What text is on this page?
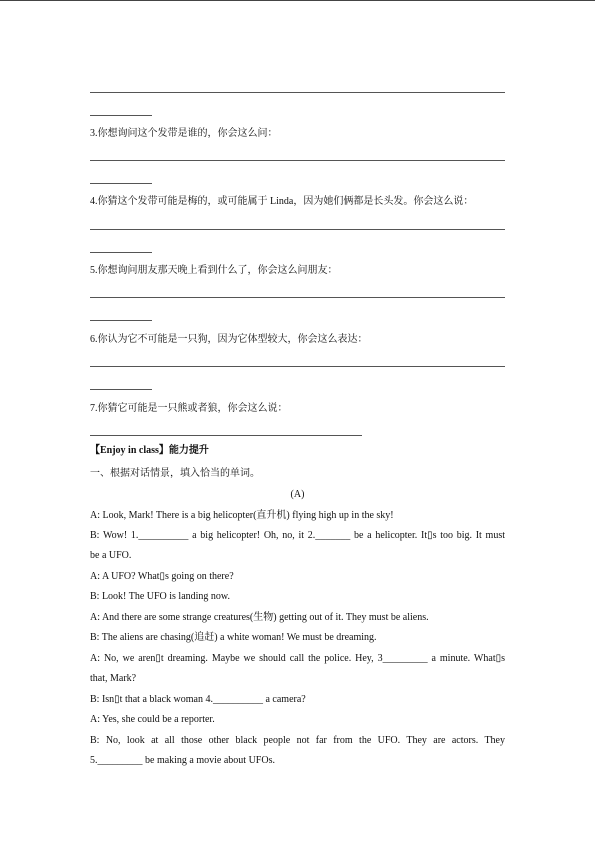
3.你想询问这个发带是谁的，你会这么问：
4.你猜这个发带可能是梅的，或可能属于 Linda，因为她们俩都是长头发。你会这么说：
5.你想询问朋友那天晚上看到什么了，你会这么问朋友：
6.你认为它不可能是一只狗，因为它体型较大，你会这么表达：
7.你猜它可能是一只熊或者狼，你会这么说：
【Enjoy in class】能力提升
一、根据对话情景，填入恰当的单词。
(A)
A: Look, Mark! There is a big helicopter(直升机) flying high up in the sky!
B: Wow! 1.__________ a big helicopter! Oh, no, it 2._______ be a helicopter. It▯s too big. It must
be a UFO.
A: A UFO? What▯s going on there?
B: Look! The UFO is landing now.
A: And there are some strange creatures(生物) getting out of it. They must be aliens.
B: The aliens are chasing(追赶) a white woman! We must be dreaming.
A: No, we aren▯t dreaming. Maybe we should call the police. Hey, 3_________ a minute. What▯s
that, Mark?
B: Isn▯t that a black woman 4.__________ a camera?
A: Yes, she could be a reporter.
B: No, look at all those other black people not far from the UFO. They are actors. They
5._________ be making a movie about UFOs.
